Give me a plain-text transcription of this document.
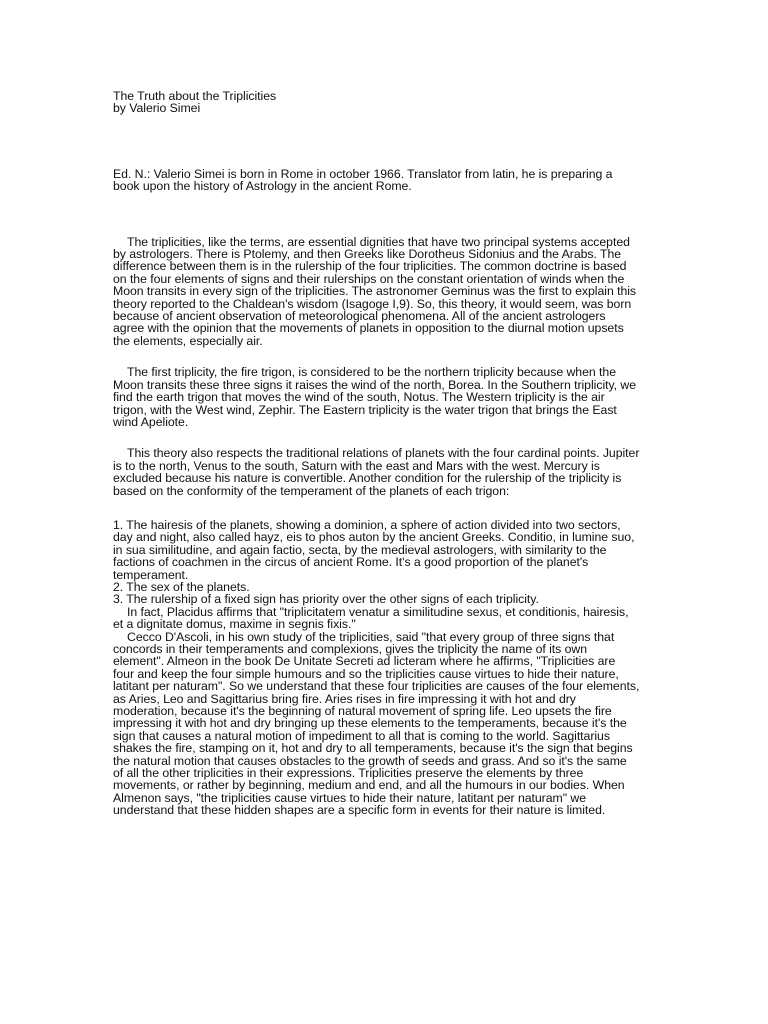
The Truth about the Triplicities
by Valerio Simei
Ed. N.: Valerio Simei is born in Rome in october 1966. Translator from latin, he is preparing a
book upon the history of Astrology in the ancient Rome.
The triplicities, like the terms, are essential dignities that have two principal systems accepted
by astrologers. There is Ptolemy, and then Greeks like Dorotheus Sidonius and the Arabs. The
difference between them is in the rulership of the four triplicities. The common doctrine is based
on the four elements of signs and their rulerships on the constant orientation of winds when the
Moon transits in every sign of the triplicities. The astronomer Geminus was the first to explain this
theory reported to the Chaldean's wisdom (Isagoge I,9). So, this theory, it would seem, was born
because of ancient observation of meteorological phenomena. All of the ancient astrologers
agree with the opinion that the movements of planets in opposition to the diurnal motion upsets
the elements, especially air.
The first triplicity, the fire trigon, is considered to be the northern triplicity because when the
Moon transits these three signs it raises the wind of the north, Borea. In the Southern triplicity, we
find the earth trigon that moves the wind of the south, Notus. The Western triplicity is the air
trigon, with the West wind, Zephir. The Eastern triplicity is the water trigon that brings the East
wind Apeliote.
This theory also respects the traditional relations of planets with the four cardinal points. Jupiter
is to the north, Venus to the south, Saturn with the east and Mars with the west. Mercury is
excluded because his nature is convertible. Another condition for the rulership of the triplicity is
based on the conformity of the temperament of the planets of each trigon:
1. The hairesis of the planets, showing a dominion, a sphere of action divided into two sectors,
day and night, also called hayz, eis to phos auton by the ancient Greeks. Conditio, in lumine suo,
in sua similitudine, and again factio, secta, by the medieval astrologers, with similarity to the
factions of coachmen in the circus of ancient Rome. It's a good proportion of the planet's
temperament.
2. The sex of the planets.
3. The rulership of a fixed sign has priority over the other signs of each triplicity.
In fact, Placidus affirms that "triplicitatem venatur a similitudine sexus, et conditionis, hairesis,
et a dignitate domus, maxime in segnis fixis."
Cecco D'Ascoli, in his own study of the triplicities, said "that every group of three signs that
concords in their temperaments and complexions, gives the triplicity the name of its own
element". Almeon in the book De Unitate Secreti ad licteram where he affirms, "Triplicities are
four and keep the four simple humours and so the triplicities cause virtues to hide their nature,
latitant per naturam". So we understand that these four triplicities are causes of the four elements,
as Aries, Leo and Sagittarius bring fire. Aries rises in fire impressing it with hot and dry
moderation, because it's the beginning of natural movement of spring life. Leo upsets the fire
impressing it with hot and dry bringing up these elements to the temperaments, because it's the
sign that causes a natural motion of impediment to all that is coming to the world. Sagittarius
shakes the fire, stamping on it, hot and dry to all temperaments, because it's the sign that begins
the natural motion that causes obstacles to the growth of seeds and grass. And so it's the same
of all the other triplicities in their expressions. Triplicities preserve the elements by three
movements, or rather by beginning, medium and end, and all the humours in our bodies. When
Almenon says, "the triplicities cause virtues to hide their nature, latitant per naturam" we
understand that these hidden shapes are a specific form in events for their nature is limited.
